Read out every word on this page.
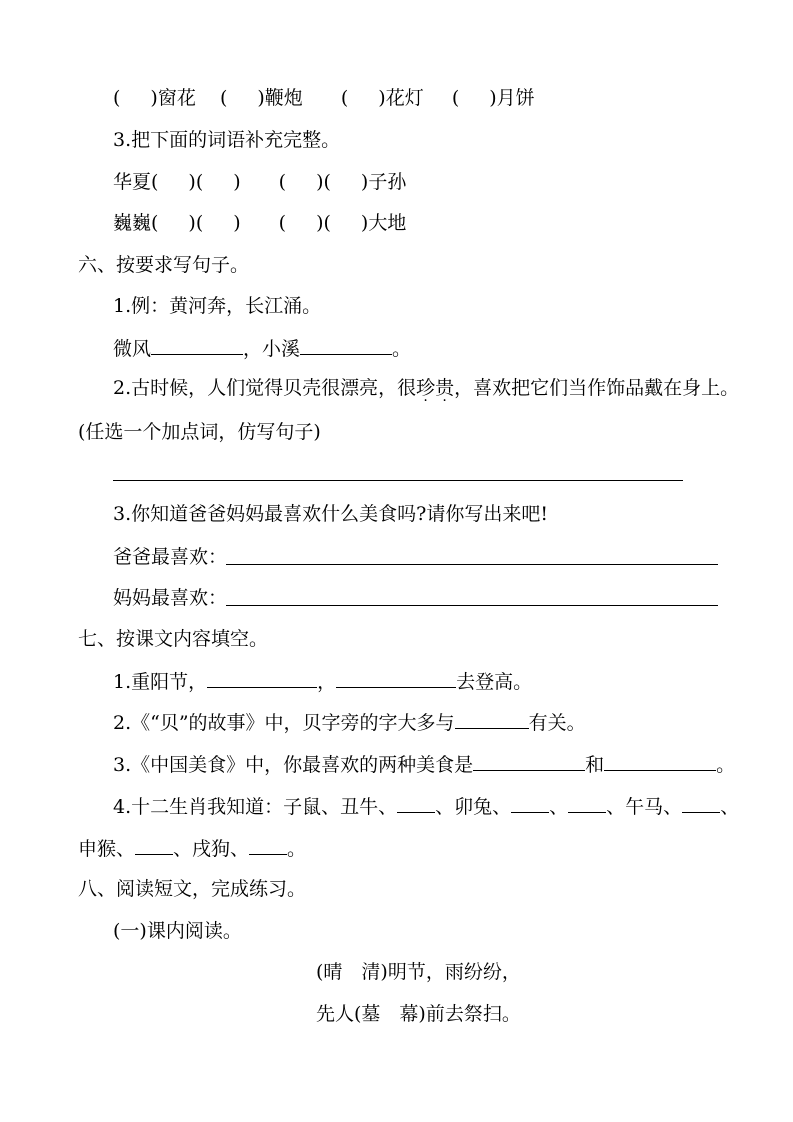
( )窗花 ( )鞭炮 ( )花灯 ( )月饼
3.把下面的词语补充完整。
华夏( )( ) ( )( )子孙
巍巍( )( ) ( )( )大地
六、按要求写句子。
1.例：黄河奔，长江涌。
微风	，小溪	。
2.古时候，人们觉得贝壳很漂亮，很珍贵，喜欢把它们当作饰品戴在身上。
(任选一个加点词，仿写句子)
3.你知道爸爸妈妈最喜欢什么美食吗?请你写出来吧!
爸爸最喜欢：
妈妈最喜欢：
七、按课文内容填空。
1.重阳节，	，	去登高。
2.《“贝”的故事》中，贝字旁的字大多与	有关。
3.《中国美食》中，你最喜欢的两种美食是	和	。
4.十二生肖我知道：子鼠、丑牛、 、卯兔、 、 、午马、 、
申猴、 、戌狗、 。
八、阅读短文，完成练习。
(一)课内阅读。
(晴　清)明节，雨纷纷，
先人(墓　幕)前去祭扫。
